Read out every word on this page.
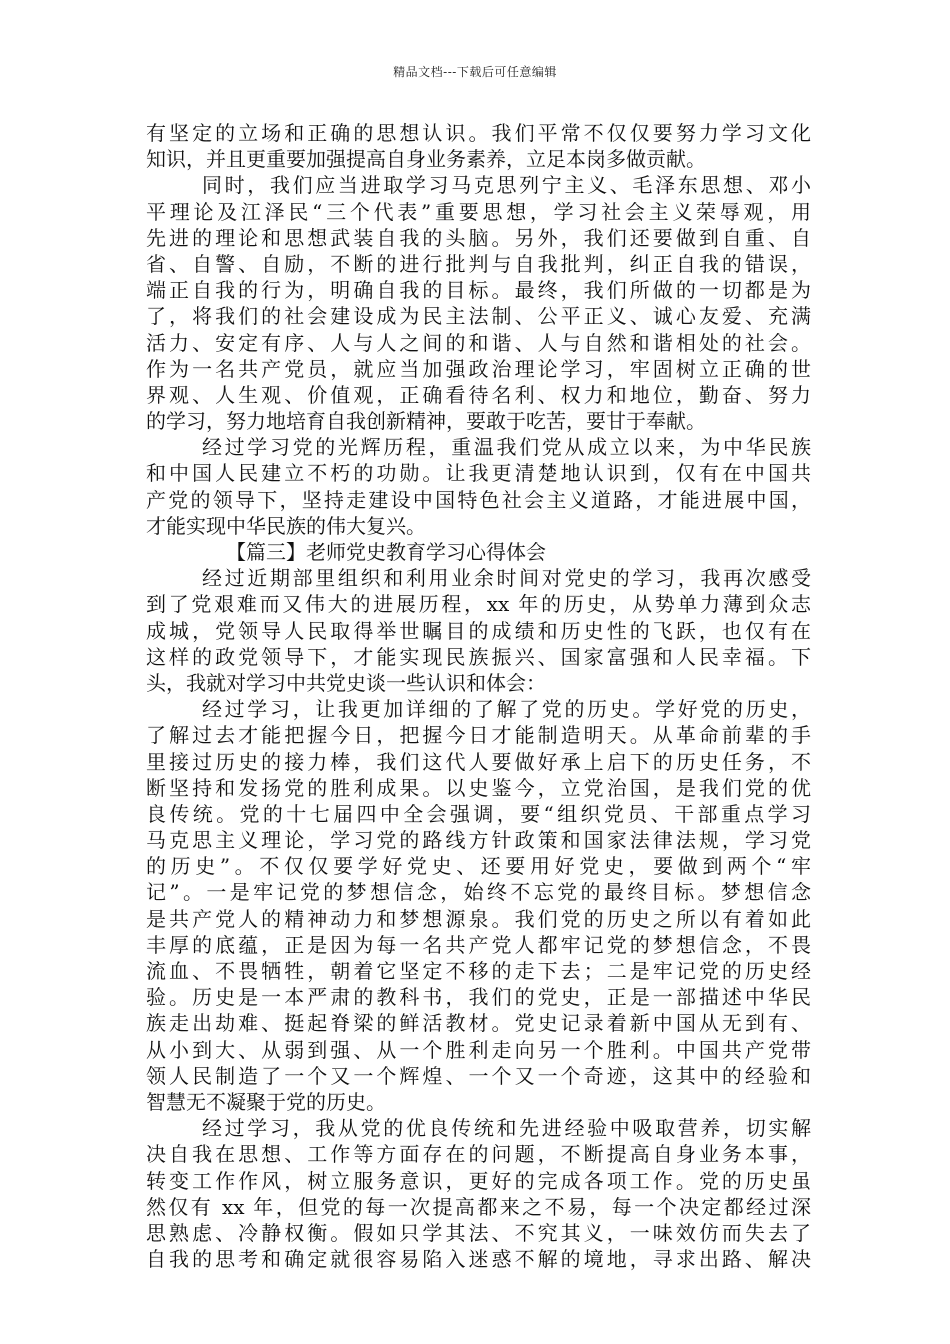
精品文档---下载后可任意编辑
有坚定的立场和正确的思想认识。我们平常不仅仅要努力学习文化
知识，并且更重要加强提高自身业务素养，立足本岗多做贡献。
同时，我们应当进取学习马克思列宁主义、毛泽东思想、邓小
平理论及江泽民“三个代表”重要思想，学习社会主义荣辱观，用
先进的理论和思想武装自我的头脑。另外，我们还要做到自重、自
省、自警、自励，不断的进行批判与自我批判，纠正自我的错误，
端正自我的行为，明确自我的目标。最终，我们所做的一切都是为
了，将我们的社会建设成为民主法制、公平正义、诚心友爱、充满
活力、安定有序、人与人之间的和谐、人与自然和谐相处的社会。
作为一名共产党员，就应当加强政治理论学习，牢固树立正确的世
界观、人生观、价值观，正确看待名利、权力和地位，勤奋、努力
的学习，努力地培育自我创新精神，要敢于吃苦，要甘于奉献。
经过学习党的光辉历程，重温我们党从成立以来，为中华民族
和中国人民建立不朽的功勋。让我更清楚地认识到，仅有在中国共
产党的领导下，坚持走建设中国特色社会主义道路，才能进展中国，
才能实现中华民族的伟大复兴。
【篇三】老师党史教育学习心得体会
经过近期部里组织和利用业余时间对党史的学习，我再次感受
到了党艰难而又伟大的进展历程，xx 年的历史，从势单力薄到众志
成城，党领导人民取得举世瞩目的成绩和历史性的飞跃，也仅有在
这样的政党领导下，才能实现民族振兴、国家富强和人民幸福。下
头，我就对学习中共党史谈一些认识和体会：
经过学习，让我更加详细的了解了党的历史。学好党的历史，
了解过去才能把握今日，把握今日才能制造明天。从革命前辈的手
里接过历史的接力棒，我们这代人要做好承上启下的历史任务，不
断坚持和发扬党的胜利成果。以史鉴今，立党治国，是我们党的优
良传统。党的十七届四中全会强调，要“组织党员、干部重点学习
马克思主义理论，学习党的路线方针政策和国家法律法规，学习党
的历史”。不仅仅要学好党史、还要用好党史，要做到两个“牢
记”。一是牢记党的梦想信念，始终不忘党的最终目标。梦想信念
是共产党人的精神动力和梦想源泉。我们党的历史之所以有着如此
丰厚的底蕴，正是因为每一名共产党人都牢记党的梦想信念，不畏
流血、不畏牺牲，朝着它坚定不移的走下去；二是牢记党的历史经
验。历史是一本严肃的教科书，我们的党史，正是一部描述中华民
族走出劫难、挺起脊梁的鲜活教材。党史记录着新中国从无到有、
从小到大、从弱到强、从一个胜利走向另一个胜利。中国共产党带
领人民制造了一个又一个辉煌、一个又一个奇迹，这其中的经验和
智慧无不凝聚于党的历史。
经过学习，我从党的优良传统和先进经验中吸取营养，切实解
决自我在思想、工作等方面存在的问题，不断提高自身业务本事，
转变工作作风，树立服务意识，更好的完成各项工作。党的历史虽
然仅有 xx 年，但党的每一次提高都来之不易，每一个决定都经过深
思熟虑、冷静权衡。假如只学其法、不究其义，一味效仿而失去了
自我的思考和确定就很容易陷入迷惑不解的境地，寻求出路、解决
